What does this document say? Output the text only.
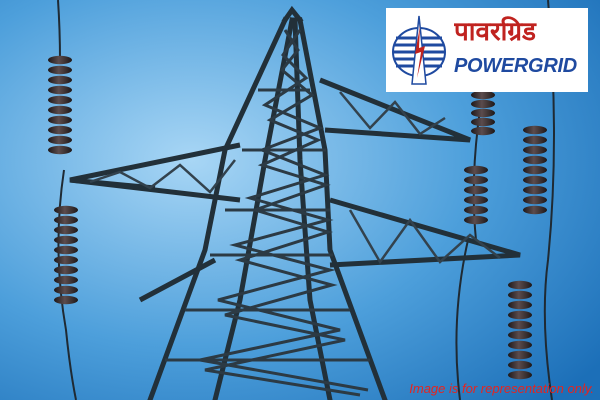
पावरग्रिड
POWERGRID
Image is for representation only.
